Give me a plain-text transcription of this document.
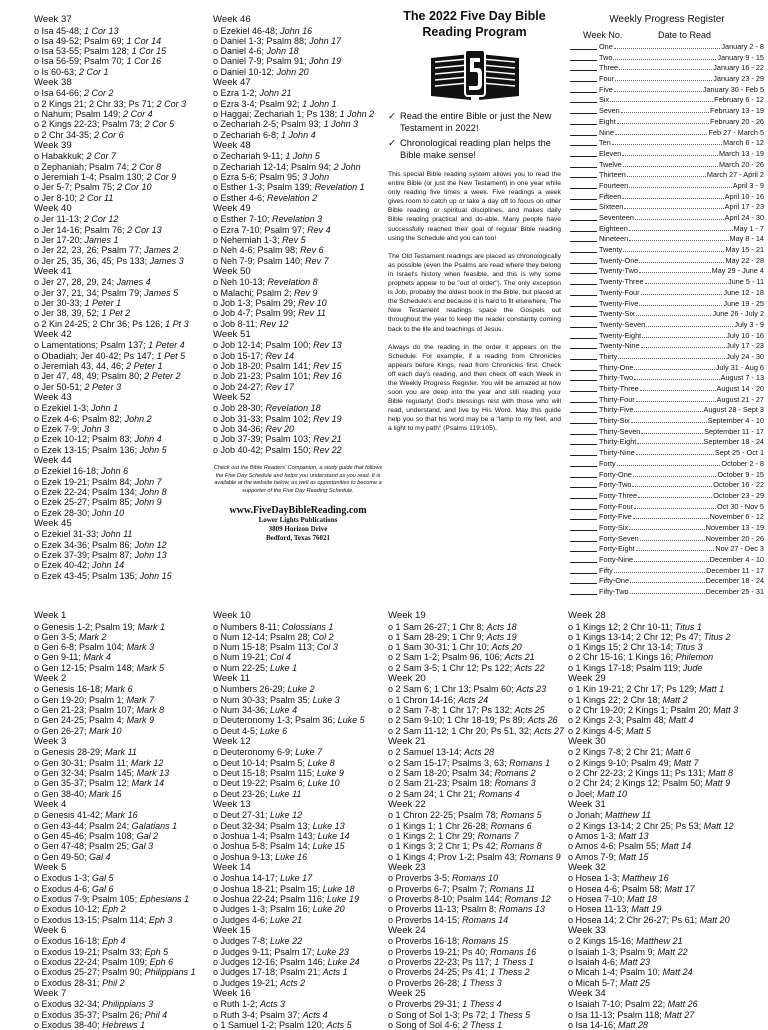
Week 37
o Isa 45-48; 1 Cor 13
o Isa 49-52; Psalm 69; 1 Cor 14
o Isa 53-55; Psalm 128; 1 Cor 15
o Isa 56-59; Psalm 70; 1 Cor 16
o Is 60-63; 2 Cor 1
Week 38
o Isa 64-66; 2 Cor 2
o 2 Kings 21; 2 Chr 33; Ps 71; 2 Cor 3
o Nahum; Psalm 149; 2 Cor 4
o 2 Kings 22-23; Psalm 73; 2 Cor 5
o 2 Chr 34-35; 2 Cor 6
Week 39
o Habakkuk; 2 Cor 7
o Zephaniah; Psalm 74; 2 Cor 8
o Jeremiah 1-4; Psalm 130; 2 Cor 9
o Jer 5-7; Psalm 75; 2 Cor 10
o Jer 8-10; 2 Cor 11
Week 40
o Jer 11-13; 2 Cor 12
o Jer 14-16; Psalm 76; 2 Cor 13
o Jer 17-20; James 1
o Jer 22, 23, 26; Psalm 77; James 2
o Jer 25, 35, 36, 45; Ps 133; James 3
Week 41
o Jer 27, 28, 29, 24; James 4
o Jer 37, 21, 34; Psalm 79; James 5
o Jer 30-33; 1 Peter 1
o Jer 38, 39, 52; 1 Pet 2
o 2 Kin 24-25; 2 Chr 36; Ps 126; 1 Pt 3
Week 42
o Lamentations; Psalm 137; 1 Peter 4
o Obadiah; Jer 40-42; Ps 147; 1 Pet 5
o Jeremiah 43, 44, 46; 2 Peter 1
o Jer 47, 48, 49; Psalm 80; 2 Peter 2
o Jer 50-51; 2 Peter 3
Week 43
o Ezekiel 1-3; John 1
o Ezek 4-6; Psalm 82; John 2
o Ezek 7-9; John 3
o Ezek 10-12; Psalm 83; John 4
o Ezek 13-15; Psalm 136; John 5
Week 44
o Ezekiel 16-18; John 6
o Ezek 19-21; Psalm 84; John 7
o Ezek 22-24; Psalm 134; John 8
o Ezek 25-27; Psalm 85; John 9
o Ezek 28-30; John 10
Week 45
o Ezekiel 31-33; John 11
o Ezek 34-36; Psalm 86; John 12
o Ezek 37-39; Psalm 87; John 13
o Ezek 40-42; John 14
o Ezek 43-45; Psalm 135; John 15
Week 46
o Ezekiel 46-48; John 16
o Daniel 1-3; Psalm 88; John 17
o Daniel 4-6; John 18
o Daniel 7-9; Psalm 91; John 19
o Daniel 10-12; John 20
Week 47
o Ezra 1-2; John 21
o Ezra 3-4; Psalm 92; 1 John 1
o Haggai; Zechariah 1; Ps 138; 1 John 2
o Zechariah 2-5; Psalm 93; 1 John 3
o Zechariah 6-8; 1 John 4
Week 48
o Zechariah 9-11; 1 John 5
o Zechariah 12-14; Psalm 94; 2 John
o Ezra 5-6; Psalm 95; 3 John
o Esther 1-3; Psalm 139; Revelation 1
o Esther 4-6; Revelation 2
Week 49
o Esther 7-10; Revelation 3
o Ezra 7-10; Psalm 97; Rev 4
o Nehemiah 1-3; Rev 5
o Neh 4-6; Psalm 98; Rev 6
o Neh 7-9; Psalm 140; Rev 7
Week 50
o Neh 10-13; Revelation 8
o Malachi; Psalm 2; Rev 9
o Job 1-3; Psalm 29; Rev 10
o Job 4-7; Psalm 99; Rev 11
o Job 8-11; Rev 12
Week 51
o Job 12-14; Psalm 100; Rev 13
o Job 15-17; Rev 14
o Job 18-20; Psalm 141; Rev 15
o Job 21-23; Psalm 101; Rev 16
o Job 24-27; Rev 17
Week 52
o Job 28-30; Revelation 18
o Job 31-33; Psalm 102; Rev 19
o Job 34-36; Rev 20
o Job 37-39; Psalm 103; Rev 21
o Job 40-42; Psalm 150; Rev 22
The 2022 Five Day Bible Reading Program
✓ Read the entire Bible or just the New Testament in 2022!
✓ Chronological reading plan helps the Bible make sense!
This special Bible reading system allows you to read the entire Bible (or just the New Testament) in one year while only reading five times a week. Five readings a week gives room to catch up or take a day off to focus on other Bible reading or spiritual disciplines, and makes daily Bible reading practical and do-able. Many people have successfully reached their goal of regular Bible reading using the Schedule and you can too!
The Old Testament readings are placed as chronologically as possible (even the Psalms are read where they belong in Israel's history when feasible, and this is why some prophets appear to be "out of order"). The only exception is Job, probably the oldest book in the Bible, but placed at the Schedule's end because it is hard to fit elsewhere. The New Testament readings space the Gospels out throughout the year to keep the reader constantly coming back to the life and teachings of Jesus.
Always do the reading in the order it appears on the Schedule. For example, if a reading from Chronicles appears before Kings, read from Chronicles first. Check off each day's reading, and then check off each Week in the Weekly Progress Register. You will be amazed at how soon you are deep into the year and still reading your Bible regularly! God's blessings rest with those who will read, understand, and live by His Word. May this guide help you so that his word may be a "lamp to my feet, and a light to my path" (Psalms 119:105).
Check out the Bible Readers' Companion, a study guide that follows the Five Day Schedule and helps you understand as you read. It is available at the website below, as well as opportunities to become a supporter of the Five Day Reading Schedule.
www.FiveDayBibleReading.com
Lower Lights Publications
3809 Horizon Drive
Bedford, Texas 76021
Weekly Progress Register
Week No.	Date to Read
One	January 2 - 8
Two	January 9 - 15
Three	January 16 - 22
Four	January 23 - 29
Five	January 30 - Feb 5
Six	February 6 - 12
Seven	February 13 - 19
Eight	February 20 - 26
Nine	Feb 27 - March 5
Ten	March 6 - 12
Eleven	March 13 - 19
Twelve	March 20 - 26
Thirteen	March 27 - April 2
Fourteen	April 3 - 9
Fifteen	April 10 - 16
Sixteen	April 17 - 23
Seventeen	April 24 - 30
Eighteen	May 1 - 7
Nineteen	May 8 - 14
Twenty	May 15 - 21
Twenty-One	May 22 - 28
Twenty-Two	May 29 - June 4
Twenty-Three	June 5 - 11
Twenty-Four	June 12 - 18
Twenty-Five	June 19 - 25
Twenty-Six	June 26 - July 2
Twenty-Seven	July 3 - 9
Twenty-Eight	July 10 - 16
Twenty-Nine	July 17 - 23
Thirty	July 24 - 30
Thirty-One	July 31 - Aug 6
Thirty-Two	August 7 - 13
Thirty-Three	August 14 - 20
Thirty-Four	August 21 - 27
Thirty-Five	August 28 - Sept 3
Thirty-Six	September 4 - 10
Thirty-Seven	September 11 - 17
Thirty-Eight	September 18 - 24
Thirty-Nine	Sept 25 - Oct 1
Forty	October 2 - 8
Forty-One	October 9 - 15
Forty-Two	October 16 - 22
Forty-Three	October 23 - 29
Forty-Four	Oct 30 - Nov 5
Forty-Five	November 6 - 12
Forty-Six	November 13 - 19
Forty-Seven	November 20 - 26
Forty-Eight	Nov 27 - Dec 3
Forty-Nine	December 4 - 10
Fifty	December 11 - 17
Fifty-One	December 18 - 24
Fifty-Two	December 25 - 31
Week 1
o Genesis 1-2; Psalm 19; Mark 1
o Gen 3-5; Mark 2
o Gen 6-8; Psalm 104; Mark 3
o Gen 9-11; Mark 4
o Gen 12-15; Psalm 148; Mark 5
Week 2
o Genesis 16-18; Mark 6
o Gen 19-20; Psalm 1; Mark 7
o Gen 21-23; Psalm 107; Mark 8
o Gen 24-25; Psalm 4; Mark 9
o Gen 26-27; Mark 10
Week 3
o Genesis 28-29; Mark 11
o Gen 30-31; Psalm 11; Mark 12
o Gen 32-34; Psalm 145; Mark 13
o Gen 35-37; Psalm 12; Mark 14
o Gen 38-40; Mark 15
Week 4
o Genesis 41-42; Mark 16
o Gen 43-44; Psalm 24; Galatians 1
o Gen 45-46; Psalm 108; Gal 2
o Gen 47-48; Psalm 25; Gal 3
o Gen 49-50; Gal 4
Week 5
o Exodus 1-3; Gal 5
o Exodus 4-6; Gal 6
o Exodus 7-9; Psalm 105; Ephesians 1
o Exodus 10-12; Eph 2
o Exodus 13-15; Psalm 114; Eph 3
Week 6
o Exodus 16-18; Eph 4
o Exodus 19-21; Psalm 33; Eph 5
o Exodus 22-24; Psalm 109; Eph 6
o Exodus 25-27; Psalm 90; Philippians 1
o Exodus 28-31; Phil 2
Week 7
o Exodus 32-34; Philippians 3
o Exodus 35-37; Psalm 26; Phil 4
o Exodus 38-40; Hebrews 1
Week 10
o Numbers 8-11; Colossians 1
o Num 12-14; Psalm 28; Col 2
o Num 15-18; Psalm 113; Col 3
o Num 19-21; Col 4
o Num 22-25; Luke 1
Week 11
o Numbers 26-29; Luke 2
o Num 30-33; Psalm 35; Luke 3
o Num 34-36; Luke 4
o Deuteronomy 1-3; Psalm 36; Luke 5
o Deut 4-5; Luke 6
Week 12
o Deuteronomy 6-9; Luke 7
o Deut 10-14; Psalm 5; Luke 8
o Deut 15-18; Psalm 115; Luke 9
o Deut 19-22; Psalm 6; Luke 10
o Deut 23-26; Luke 11
Week 13
o Deut 27-31; Luke 12
o Deut 32-34; Psalm 13; Luke 13
o Joshua 1-4; Psalm 143; Luke 14
o Joshua 5-8; Psalm 14; Luke 15
o Joshua 9-13; Luke 16
Week 14
o Joshua 14-17; Luke 17
o Joshua 18-21; Psalm 15; Luke 18
o Joshua 22-24; Psalm 116; Luke 19
o Judges 1-3; Psalm 16; Luke 20
o Judges 4-6; Luke 21
Week 15
o Judges 7-8; Luke 22
o Judges 9-11; Psalm 17; Luke 23
o Judges 12-16; Psalm 146; Luke 24
o Judges 17-18; Psalm 21; Acts 1
o Judges 19-21; Acts 2
Week 16
o Ruth 1-2; Acts 3
o Ruth 3-4; Psalm 37; Acts 4
o 1 Samuel 1-2; Psalm 120; Acts 5
Week 19
o 1 Sam 26-27; 1 Chr 8; Acts 18
o 1 Sam 28-29; 1 Chr 9; Acts 19
o 1 Sam 30-31; 1 Chr 10; Acts 20
o 2 Sam 1-2; Psalm 96, 106; Acts 21
o 2 Sam 3-5; 1 Chr 12; Ps 122; Acts 22
Week 20
o 2 Sam 6; 1 Chr 13; Psalm 60; Acts 23
o 1 Chron 14-16; Acts 24
o 2 Sam 7-8; 1 Chr 17; Ps 132; Acts 25
o 2 Sam 9-10; 1 Chr 18-19; Ps 89; Acts 26
o 2 Sam 11-12; 1 Chr 20; Ps 51, 32; Acts 27
Week 21
o 2 Samuel 13-14; Acts 28
o 2 Sam 15-17; Psalms 3, 63; Romans 1
o 2 Sam 18-20; Psalm 34; Romans 2
o 2 Sam 21-23; Psalm 18; Romans 3
o 2 Sam 24; 1 Chr 21; Romans 4
Week 22
o 1 Chron 22-25; Psalm 78; Romans 5
o 1 Kings 1; 1 Chr 26-28; Romans 6
o 1 Kings 2; 1 Chr 29; Romans 7
o 1 Kings 3; 2 Chr 1; Ps 42; Romans 8
o 1 Kings 4; Prov 1-2; Psalm 43; Romans 9
Week 23
o Proverbs 3-5; Romans 10
o Proverbs 6-7; Psalm 7; Romans 11
o Proverbs 8-10; Psalm 144; Romans 12
o Proverbs 11-13; Psalm 8; Romans 13
o Proverbs 14-15; Romans 14
Week 24
o Proverbs 16-18; Romans 15
o Proverbs 19-21; Ps 40; Romans 16
o Proverbs 22-23; Ps 117; 1 Thess 1
o Proverbs 24-25; Ps 41; 1 Thess 2
o Proverbs 26-28; 1 Thess 3
Week 25
o Proverbs 29-31; 1 Thess 4
o Song of Sol 1-3; Ps 72; 1 Thess 5
o Song of Sol 4-6; 2 Thess 1
Week 28
o 1 Kings 12; 2 Chr 10-11; Titus 1
o 1 Kings 13-14; 2 Chr 12; Ps 47; Titus 2
o 1 Kings 15; 2 Chr 13-14; Titus 3
o 2 Chr 15-16; 1 Kings 16; Philemon
o 1 Kings 17-18; Psalm 119; Jude
Week 29
o 1 Kin 19-21; 2 Chr 17; Ps 129; Matt 1
o 1 Kings 22; 2 Chr 18; Matt 2
o 2 Chr 19-20; 2 Kings 1; Psalm 20; Matt 3
o 2 Kings 2-3; Psalm 48; Matt 4
o 2 Kings 4-5; Matt 5
Week 30
o 2 Kings 7-8; 2 Chr 21; Matt 6
o 2 Kings 9-10; Psalm 49; Matt 7
o 2 Chr 22-23; 2 Kings 11; Ps 131; Matt 8
o 2 Chr 24; 2 Kings 12; Psalm 50; Matt 9
o Joel; Matt 10
Week 31
o Jonah; Matthew 11
o 2 Kings 13-14; 2 Chr 25; Ps 53; Matt 12
o Amos 1-3; Matt 13
o Amos 4-6; Psalm 55; Matt 14
o Amos 7-9; Matt 15
Week 32
o Hosea 1-3; Matthew 16
o Hosea 4-6; Psalm 58; Matt 17
o Hosea 7-10; Matt 18
o Hosea 11-13; Matt 19
o Hosea 14; 2 Chr 26-27; Ps 61; Matt 20
Week 33
o 2 Kings 15-16; Matthew 21
o Isaiah 1-3; Psalm 9; Matt 22
o Isaiah 4-6; Matt 23
o Micah 1-4; Psalm 10; Matt 24
o Micah 5-7; Matt 25
Week 34
o Isaiah 7-10; Psalm 22; Matt 26
o Isa 11-13; Psalm 118; Matt 27
o Isa 14-16; Matt 28
